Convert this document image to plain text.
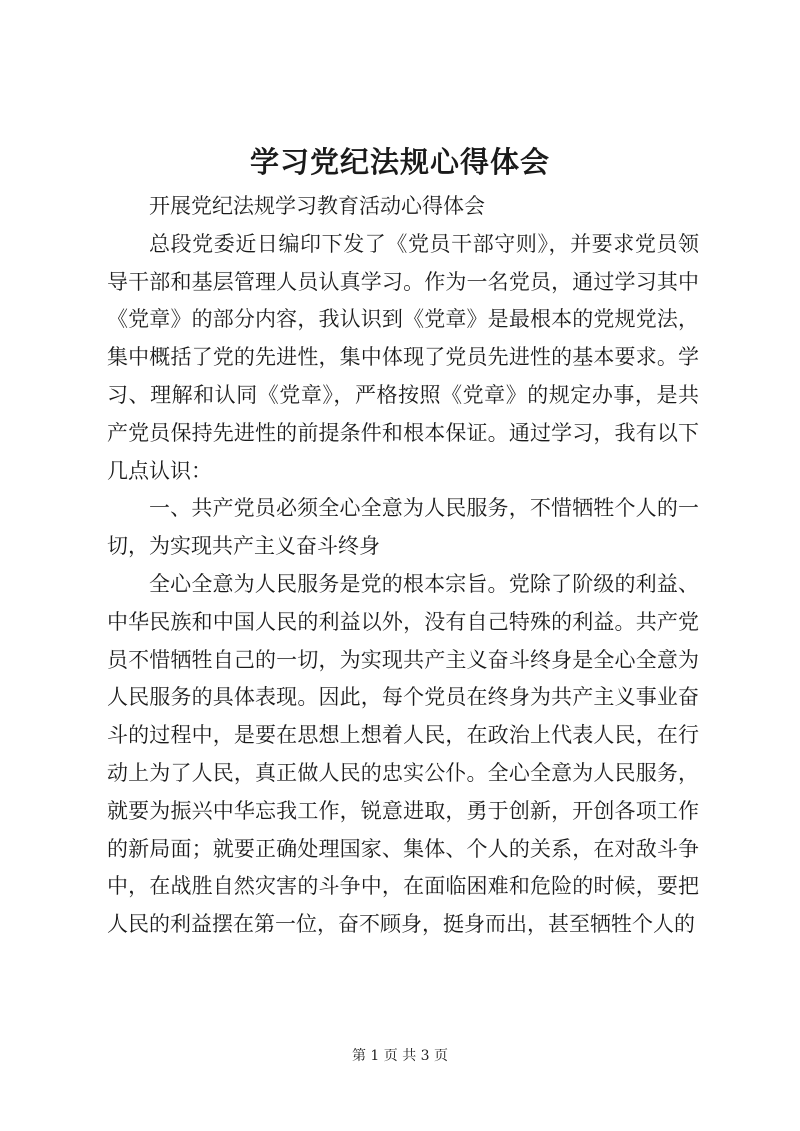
学习党纪法规心得体会

开展党纪法规学习教育活动心得体会

总段党委近日编印下发了《党员干部守则》，并要求党员领导干部和基层管理人员认真学习。作为一名党员，通过学习其中《党章》的部分内容，我认识到《党章》是最根本的党规党法，集中概括了党的先进性，集中体现了党员先进性的基本要求。学习、理解和认同《党章》，严格按照《党章》的规定办事，是共产党员保持先进性的前提条件和根本保证。通过学习，我有以下几点认识：

一、共产党员必须全心全意为人民服务，不惜牺牲个人的一切，为实现共产主义奋斗终身

全心全意为人民服务是党的根本宗旨。党除了阶级的利益、中华民族和中国人民的利益以外，没有自己特殊的利益。共产党员不惜牺牲自己的一切，为实现共产主义奋斗终身是全心全意为人民服务的具体表现。因此，每个党员在终身为共产主义事业奋斗的过程中，是要在思想上想着人民，在政治上代表人民，在行动上为了人民，真正做人民的忠实公仆。全心全意为人民服务，就要为振兴中华忘我工作，锐意进取，勇于创新，开创各项工作的新局面；就要正确处理国家、集体、个人的关系，在对敌斗争中，在战胜自然灾害的斗争中，在面临困难和危险的时候，要把人民的利益摆在第一位，奋不顾身，挺身而出，甚至牺牲个人的

第 1 页 共 3 页
